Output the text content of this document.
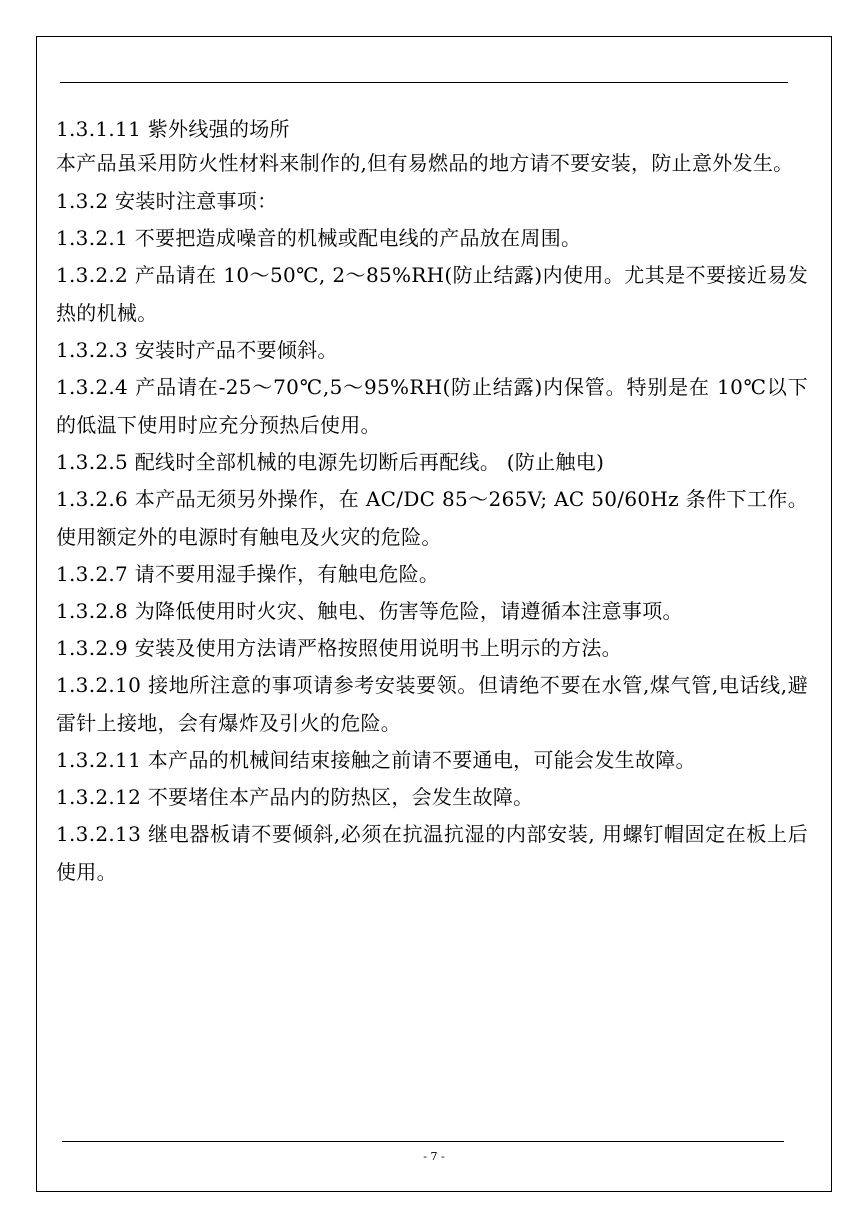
1.3.1.11 紫外线强的场所

本产品虽采用防火性材料来制作的,但有易燃品的地方请不要安装，防止意外发生。

1.3.2 安装时注意事项：

1.3.2.1 不要把造成噪音的机械或配电线的产品放在周围。

1.3.2.2 产品请在 10～50℃, 2～85%RH(防止结露)内使用。尤其是不要接近易发热的机械。

1.3.2.3 安装时产品不要倾斜。

1.3.2.4 产品请在-25～70℃,5～95%RH(防止结露)内保管。特别是在 10℃以下的低温下使用时应充分预热后使用。

1.3.2.5 配线时全部机械的电源先切断后再配线。 (防止触电)

1.3.2.6 本产品无须另外操作，在 AC/DC 85～265V; AC 50/60Hz 条件下工作。使用额定外的电源时有触电及火灾的危险。

1.3.2.7 请不要用湿手操作，有触电危险。

1.3.2.8 为降低使用时火灾、触电、伤害等危险，请遵循本注意事项。

1.3.2.9 安装及使用方法请严格按照使用说明书上明示的方法。

1.3.2.10 接地所注意的事项请参考安装要领。但请绝不要在水管,煤气管,电话线,避雷针上接地，会有爆炸及引火的危险。

1.3.2.11 本产品的机械间结束接触之前请不要通电，可能会发生故障。

1.3.2.12 不要堵住本产品内的防热区，会发生故障。

1.3.2.13 继电器板请不要倾斜,必须在抗温抗湿的内部安装, 用螺钉帽固定在板上后使用。

- 7 -
